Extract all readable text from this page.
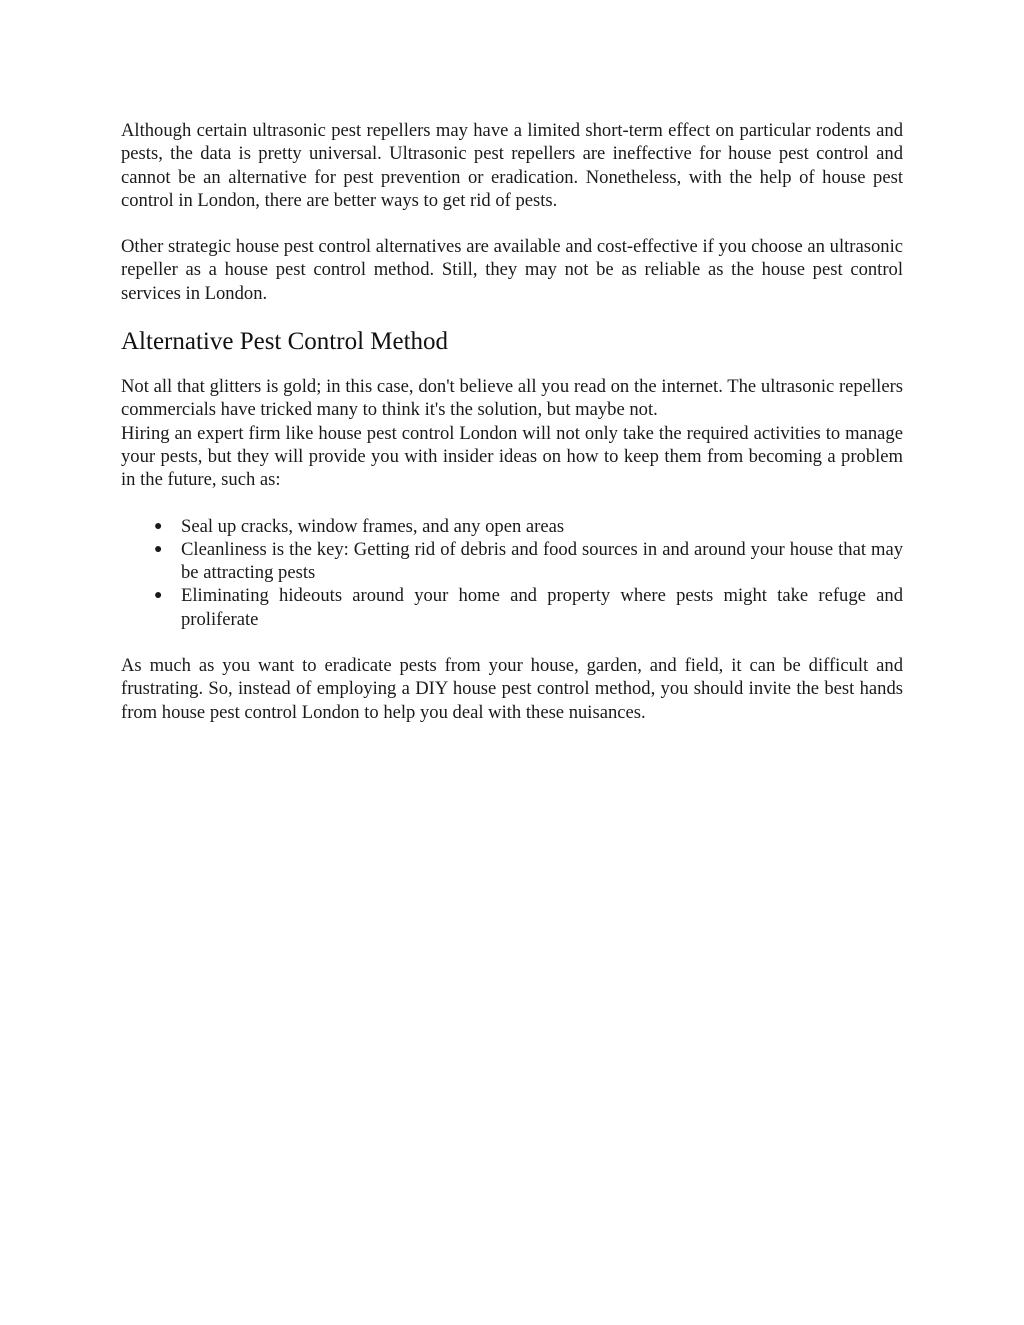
Although certain ultrasonic pest repellers may have a limited short-term effect on particular rodents and pests, the data is pretty universal. Ultrasonic pest repellers are ineffective for house pest control and cannot be an alternative for pest prevention or eradication. Nonetheless, with the help of house pest control in London, there are better ways to get rid of pests.

Other strategic house pest control alternatives are available and cost-effective if you choose an ultrasonic repeller as a house pest control method. Still, they may not be as reliable as the house pest control services in London.

Alternative Pest Control Method

Not all that glitters is gold; in this case, don't believe all you read on the internet. The ultrasonic repellers commercials have tricked many to think it's the solution, but maybe not.

Hiring an expert firm like house pest control London will not only take the required activities to manage your pests, but they will provide you with insider ideas on how to keep them from becoming a problem in the future, such as:

● Seal up cracks, window frames, and any open areas
● Cleanliness is the key: Getting rid of debris and food sources in and around your house that may be attracting pests
● Eliminating hideouts around your home and property where pests might take refuge and proliferate

As much as you want to eradicate pests from your house, garden, and field, it can be difficult and frustrating. So, instead of employing a DIY house pest control method, you should invite the best hands from house pest control London to help you deal with these nuisances.
